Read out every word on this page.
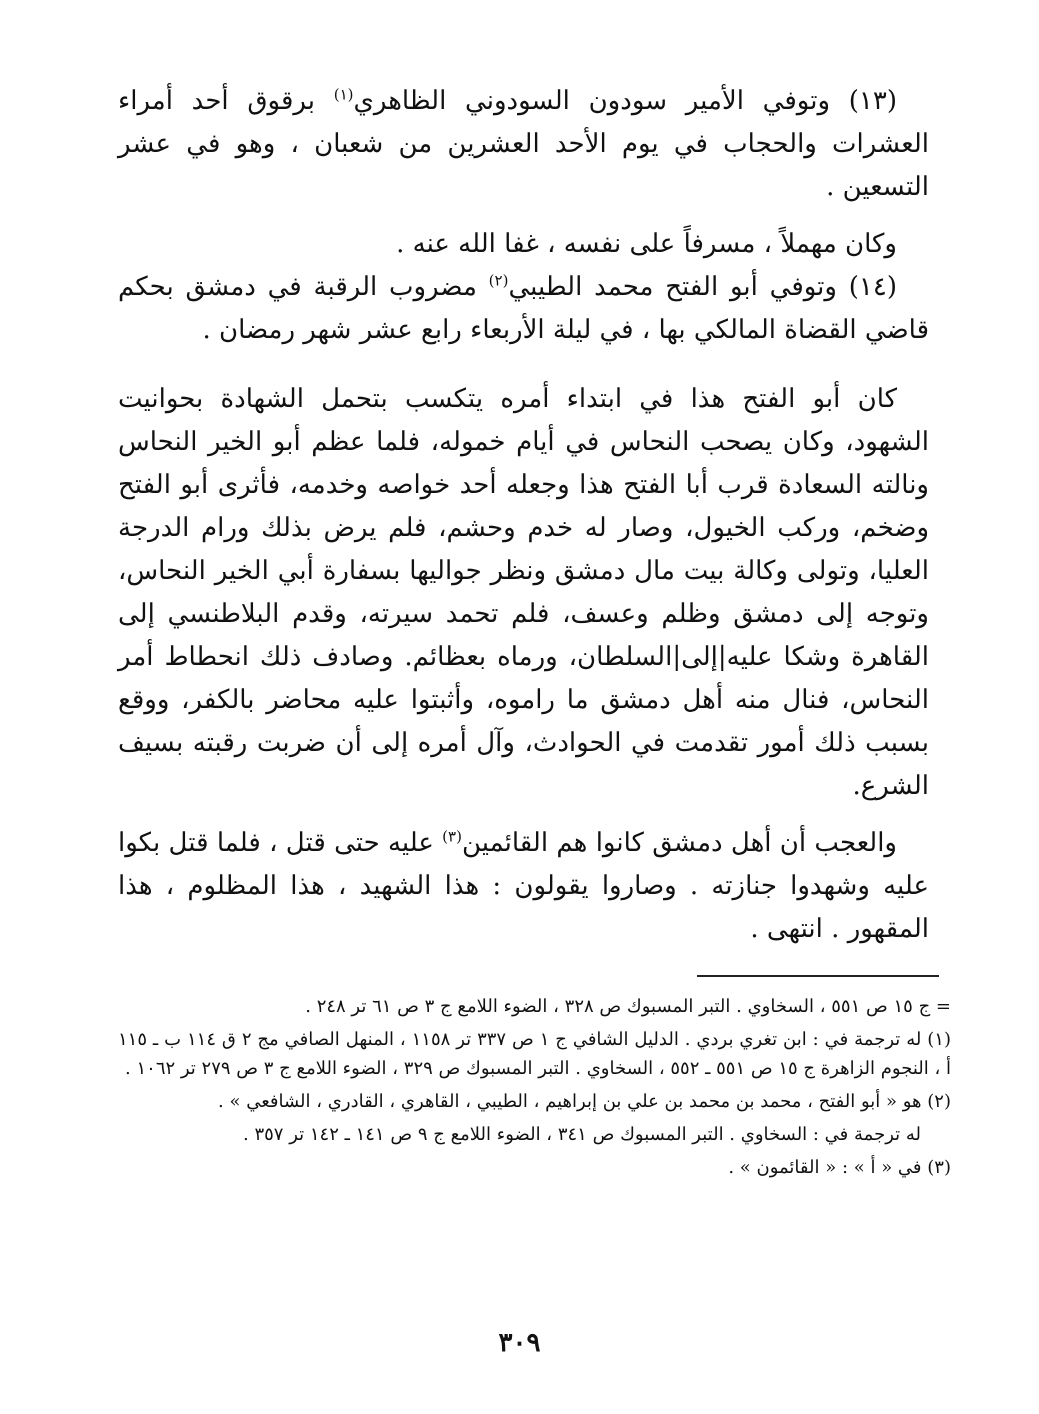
(١٣) وتوفي الأمير سودون السودوني الظاهري$^{(١)}$ برقوق أحد أمراء العشرات والحجاب في يوم الأحد العشرين من شعبان ، وهو في عشر التسعين .

وكان مهملاً ، مسرفاً على نفسه ، غفا الله عنه .

(١٤) وتوفي أبو الفتح محمد الطيبي$^{(٢)}$ مضروب الرقبة في دمشق بحكم قاضي القضاة المالكي بها ، في ليلة الأربعاء رابع عشر شهر رمضان .

كان أبو الفتح هذا في ابتداء أمره يتكسب بتحمل الشهادة بحوانيت الشهود، وكان يصحب النحاس في أيام خموله، فلما عظم أبو الخير النحاس ونالته السعادة قرب أبا الفتح هذا وجعله أحد خواصه وخدمه، فأثرى أبو الفتح وضخم، وركب الخيول، وصار له خدم وحشم، فلم يرض بذلك ورام الدرجة العليا، وتولى وكالة بيت مال دمشق ونظر جواليها بسفارة أبي الخير النحاس، وتوجه إلى دمشق وظلم وعسف، فلم تحمد سيرته، وقدم البلاطنسي إلى القاهرة وشكا عليه|إلى|السلطان، ورماه بعظائم. وصادف ذلك انحطاط أمر النحاس، فنال منه أهل دمشق ما راموه، وأثبتوا عليه محاضر بالكفر، ووقع بسبب ذلك أمور تقدمت في الحوادث، وآل أمره إلى أن ضربت رقبته بسيف الشرع.

والعجب أن أهل دمشق كانوا هم القائمين$^{(٣)}$ عليه حتى قتل ، فلما قتل بكوا عليه وشهدوا جنازته . وصاروا يقولون : هذا الشهيد ، هذا المظلوم ، هذا المقهور . انتهى .

= ج ١٥ ص ٥٥١ ، السخاوي . التبر المسبوك ص ٣٢٨ ، الضوء اللامع ج ٣ ص ٦١ تر ٢٤٨ .

(١) له ترجمة في : ابن تغري بردي . الدليل الشافي ج ١ ص ٣٣٧ تر ١١٥٨ ، المنهل الصافي مج ٢ ق ١١٤ ب ـ ١١٥ أ ، النجوم الزاهرة ج ١٥ ص ٥٥١ ـ ٥٥٢ ، السخاوي . التبر المسبوك ص ٣٢٩ ، الضوء اللامع ج ٣ ص ٢٧٩ تر ١٠٦٢ .

(٢) هو « أبو الفتح ، محمد بن محمد بن علي بن إبراهيم ، الطيبي ، القاهري ، القادري ، الشافعي » .

له ترجمة في : السخاوي . التبر المسبوك ص ٣٤١ ، الضوء اللامع ج ٩ ص ١٤١ ـ ١٤٢ تر ٣٥٧ .

(٣) في « أ » : « القائمون » .

٣٠٩
